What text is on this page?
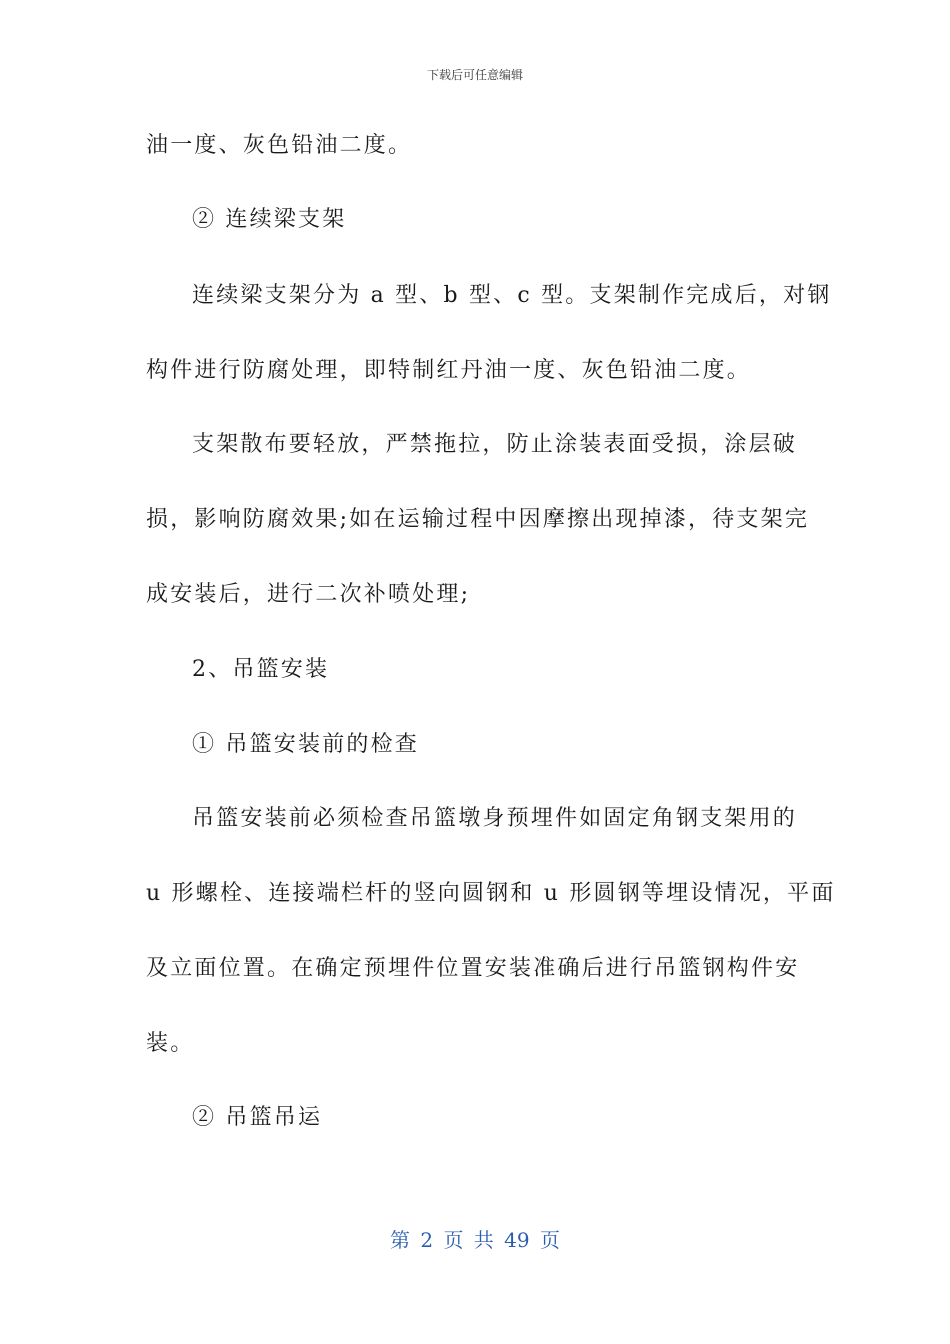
下载后可任意编辑
油一度、灰色铅油二度。
② 连续梁支架
连续梁支架分为 a 型、b 型、c 型。支架制作完成后，对钢
构件进行防腐处理，即特制红丹油一度、灰色铅油二度。
支架散布要轻放，严禁拖拉，防止涂装表面受损，涂层破
损，影响防腐效果;如在运输过程中因摩擦出现掉漆，待支架完
成安装后，进行二次补喷处理;
2、吊篮安装
① 吊篮安装前的检查
吊篮安装前必须检查吊篮墩身预埋件如固定角钢支架用的
u 形螺栓、连接端栏杆的竖向圆钢和 u 形圆钢等埋设情况，平面
及立面位置。在确定预埋件位置安装准确后进行吊篮钢构件安
装。
② 吊篮吊运
第 2 页 共 49 页
